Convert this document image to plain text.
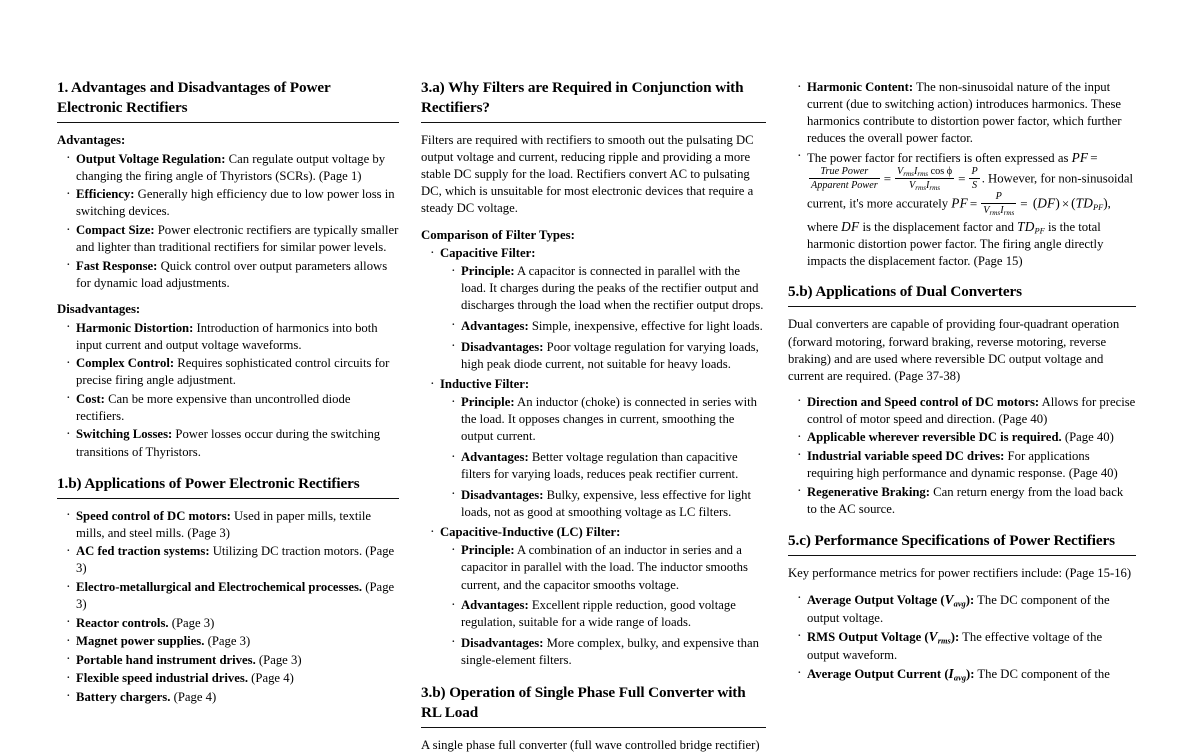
1. Advantages and Disadvantages of Power Electronic Rectifiers
Advantages:
· Output Voltage Regulation: Can regulate output voltage by changing the firing angle of Thyristors (SCRs). (Page 1)
· Efficiency: Generally high efficiency due to low power loss in switching devices.
· Compact Size: Power electronic rectifiers are typically smaller and lighter than traditional rectifiers for similar power levels.
· Fast Response: Quick control over output parameters allows for dynamic load adjustments.
Disadvantages:
· Harmonic Distortion: Introduction of harmonics into both input current and output voltage waveforms.
· Complex Control: Requires sophisticated control circuits for precise firing angle adjustment.
· Cost: Can be more expensive than uncontrolled diode rectifiers.
· Switching Losses: Power losses occur during the switching transitions of Thyristors.
1.b) Applications of Power Electronic Rectifiers
· Speed control of DC motors: Used in paper mills, textile mills, and steel mills. (Page 3)
· AC fed traction systems: Utilizing DC traction motors. (Page 3)
· Electro-metallurgical and Electrochemical processes. (Page 3)
· Reactor controls. (Page 3)
· Magnet power supplies. (Page 3)
· Portable hand instrument drives. (Page 3)
· Flexible speed industrial drives. (Page 4)
· Battery chargers. (Page 4)
3.a) Why Filters are Required in Conjunction with Rectifiers?

Filters are required with rectifiers to smooth out the pulsating DC output voltage and current, reducing ripple and providing a more stable DC supply for the load. Rectifiers convert AC to pulsating DC, which is unsuitable for most electronic devices that require a steady DC voltage.

Comparison of Filter Types:
· Capacitive Filter:
· Principle: A capacitor is connected in parallel with the load. It charges during the peaks of the rectifier output and discharges through the load when the rectifier output drops.
· Advantages: Simple, inexpensive, effective for light loads.
· Disadvantages: Poor voltage regulation for varying loads, high peak diode current, not suitable for heavy loads.
· Inductive Filter:
· Principle: An inductor (choke) is connected in series with the load. It opposes changes in current, smoothing the output current.
· Advantages: Better voltage regulation than capacitive filters for varying loads, reduces peak rectifier current.
· Disadvantages: Bulky, expensive, less effective for light loads, not as good at smoothing voltage as LC filters.
· Capacitive-Inductive (LC) Filter:
· Principle: A combination of an inductor in series and a capacitor in parallel with the load. The inductor smooths current, and the capacitor smooths voltage.
· Advantages: Excellent ripple reduction, good voltage regulation, suitable for a wide range of loads.
· Disadvantages: More complex, bulky, and expensive than single-element filters.
3.b) Operation of Single Phase Full Converter with RL Load

A single phase full converter (full wave controlled bridge rectifier)

· Harmonic Content: The non-sinusoidal nature of the input current (due to switching action) introduces harmonics. These harmonics contribute to distortion power factor, which further reduces the overall power factor.
· The power factor for rectifiers is often expressed as PF =
$\frac{\text{True Power}}{\text{Apparent Power}} = \frac{\text{VrmsIrms cos ϕ}}{\text{VrmsIrms}} = \frac{P}{S}$ . However, for non-sinusoidal current, it's more accurately PF = $\frac{P}{\text{VrmsIrms}} = (DF)$ × (TDPF), where DF is the displacement factor and TDPF is the total harmonic distortion power factor. The firing angle directly impacts the displacement factor. (Page 15)
5.b) Applications of Dual Converters

Dual converters are capable of providing four-quadrant operation (forward motoring, forward braking, reverse motoring, reverse braking) and are used where reversible DC output voltage and current are required. (Page 37-38)

· Direction and Speed control of DC motors: Allows for precise control of motor speed and direction. (Page 40)
· Applicable wherever reversible DC is required. (Page 40)
· Industrial variable speed DC drives: For applications requiring high performance and dynamic response. (Page 40)
· Regenerative Braking: Can return energy from the load back to the AC source.
5.c) Performance Specifications of Power Rectifiers

Key performance metrics for power rectifiers include: (Page 15-16)

· Average Output Voltage (Vavg): The DC component of the output voltage.
· RMS Output Voltage (Vrms): The effective voltage of the output waveform.
· Average Output Current (Iavg): The DC component of the
